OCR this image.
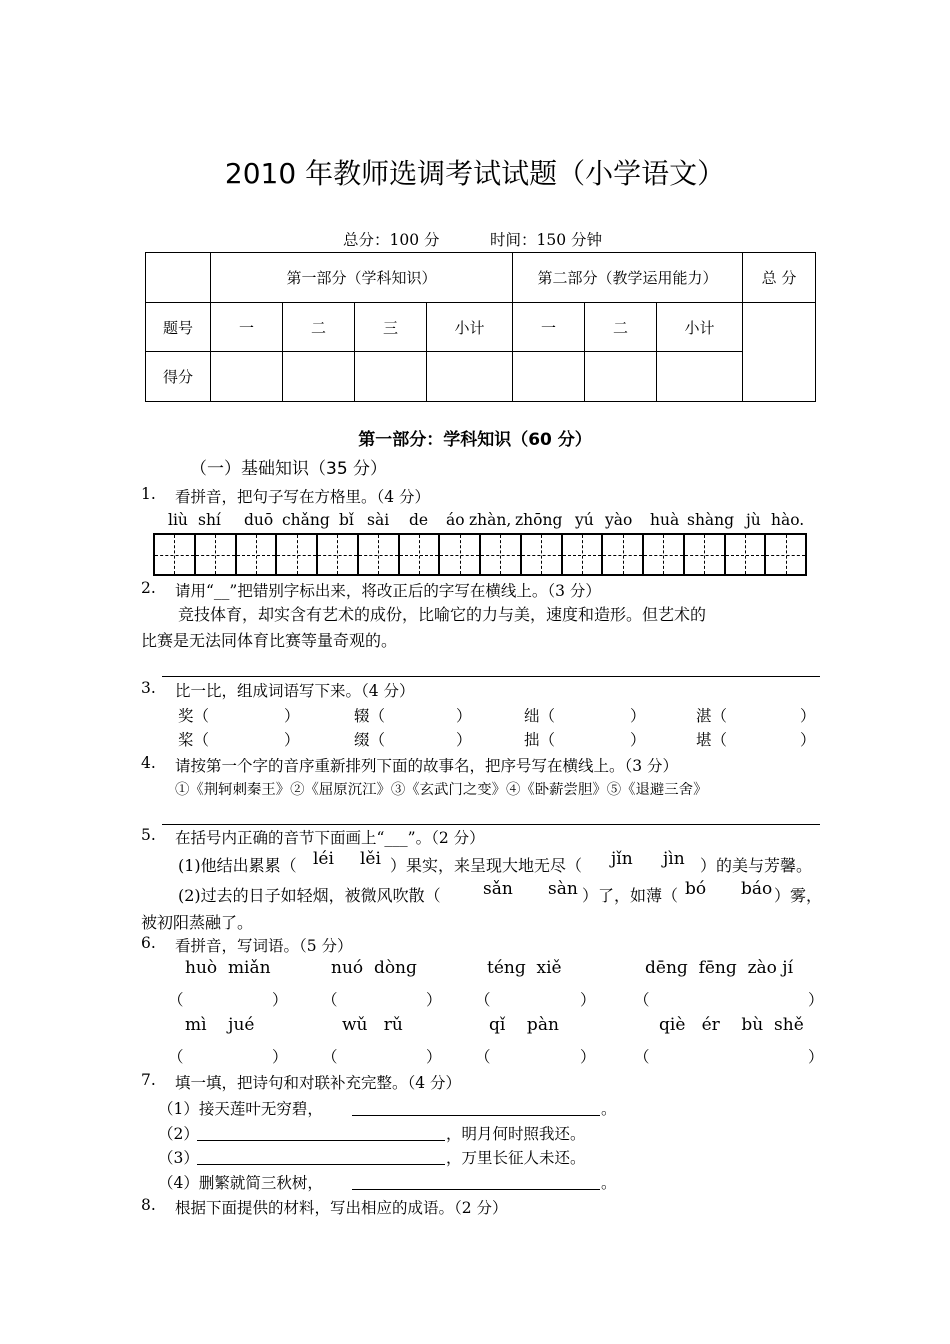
2010 年教师选调考试试题（小学语文）
总分：100 分	时间：150 分钟
	第一部分（学科知识）				第二部分（教学运用能力）			总 分
题号	一	二	三	小计	一	二	小计	
得分								
第一部分：学科知识（60 分）
（一）基础知识（35 分）
1. 看拼音，把句子写在方格里。（4 分）
liù shí duō chǎng bǐ sài de áo zhàn, zhōng yú yào huà shàng jù hào.
2. 请用“__”把错别字标出来，将改正后的字写在横线上。（3 分）
竞技体育，却实含有艺术的成份，比喻它的力与美，速度和造形。但艺术的
比赛是无法同体育比赛等量奇观的。
3. 比一比，组成词语写下来。（4 分）
奖（	）	辍（	）	绌（	）	湛（	）
桨（	）	缀（	）	拙（	）	堪（	）
4. 请按第一个字的音序重新排列下面的故事名，把序号写在横线上。（3 分）
①《荆轲刺秦王》②《屈原沉江》③《玄武门之变》④《卧薪尝胆》⑤《退避三舍》
5. 在括号内正确的音节下面画上“___”。（2 分）
(1)他结出累累（ léi lěi ）果实，来呈现大地无尽（ jǐn jìn ）的美与芳馨。
(2)过去的日子如轻烟，被微风吹散（ sǎn sàn ）了，如薄（ bó báo ）雾，
被初阳蒸融了。
6. 看拼音，写词语。（5 分）
huò  miǎn	nuó  dònɡ	ténɡ  xiě	dēnɡ  fēnɡ  zào jí
（	） （	） （	） （	）
mì    jué	wǔ   rǔ	qǐ    pàn	qiè   ér    bù  shě
（	） （	） （	） （	）
7. 填一填，把诗句和对联补充完整。（4 分）
（1）接天莲叶无穷碧，	。
（2）	，明月何时照我还。
（3）	，万里长征人未还。
（4）删繁就简三秋树，	。
8. 根据下面提供的材料，写出相应的成语。（2 分）
